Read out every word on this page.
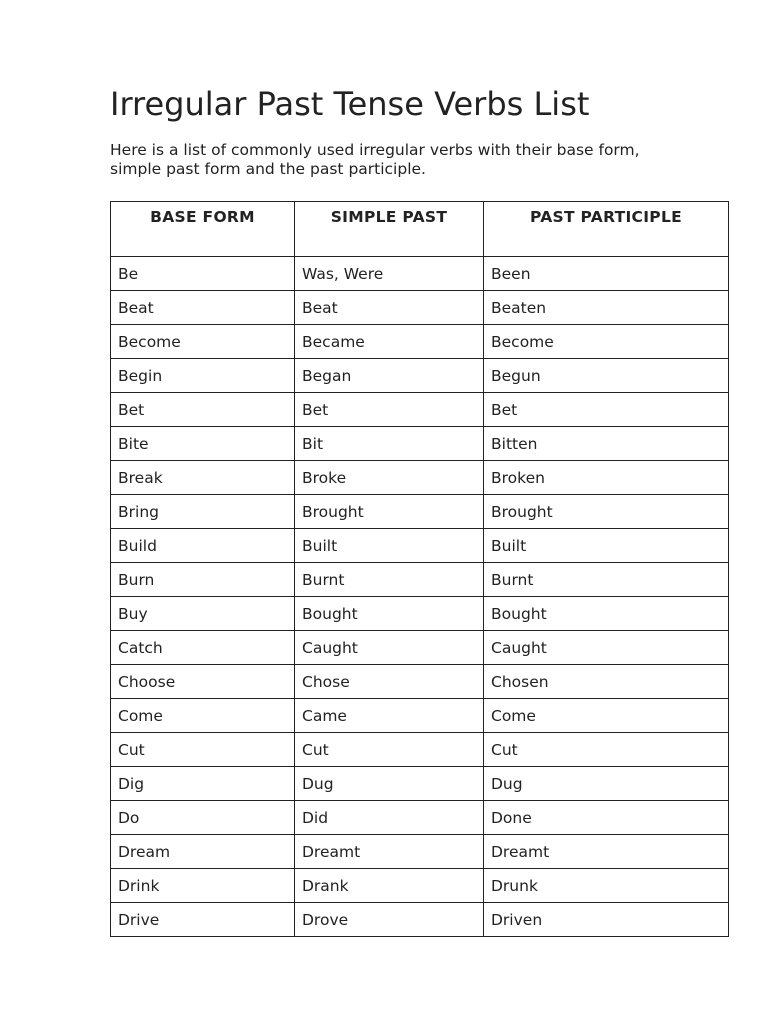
Irregular Past Tense Verbs List

Here is a list of commonly used irregular verbs with their base form, simple past form and the past participle.

BASE FORM	SIMPLE PAST	PAST PARTICIPLE
Be	Was, Were	Been
Beat	Beat	Beaten
Become	Became	Become
Begin	Began	Begun
Bet	Bet	Bet
Bite	Bit	Bitten
Break	Broke	Broken
Bring	Brought	Brought
Build	Built	Built
Burn	Burnt	Burnt
Buy	Bought	Bought
Catch	Caught	Caught
Choose	Chose	Chosen
Come	Came	Come
Cut	Cut	Cut
Dig	Dug	Dug
Do	Did	Done
Dream	Dreamt	Dreamt
Drink	Drank	Drunk
Drive	Drove	Driven
